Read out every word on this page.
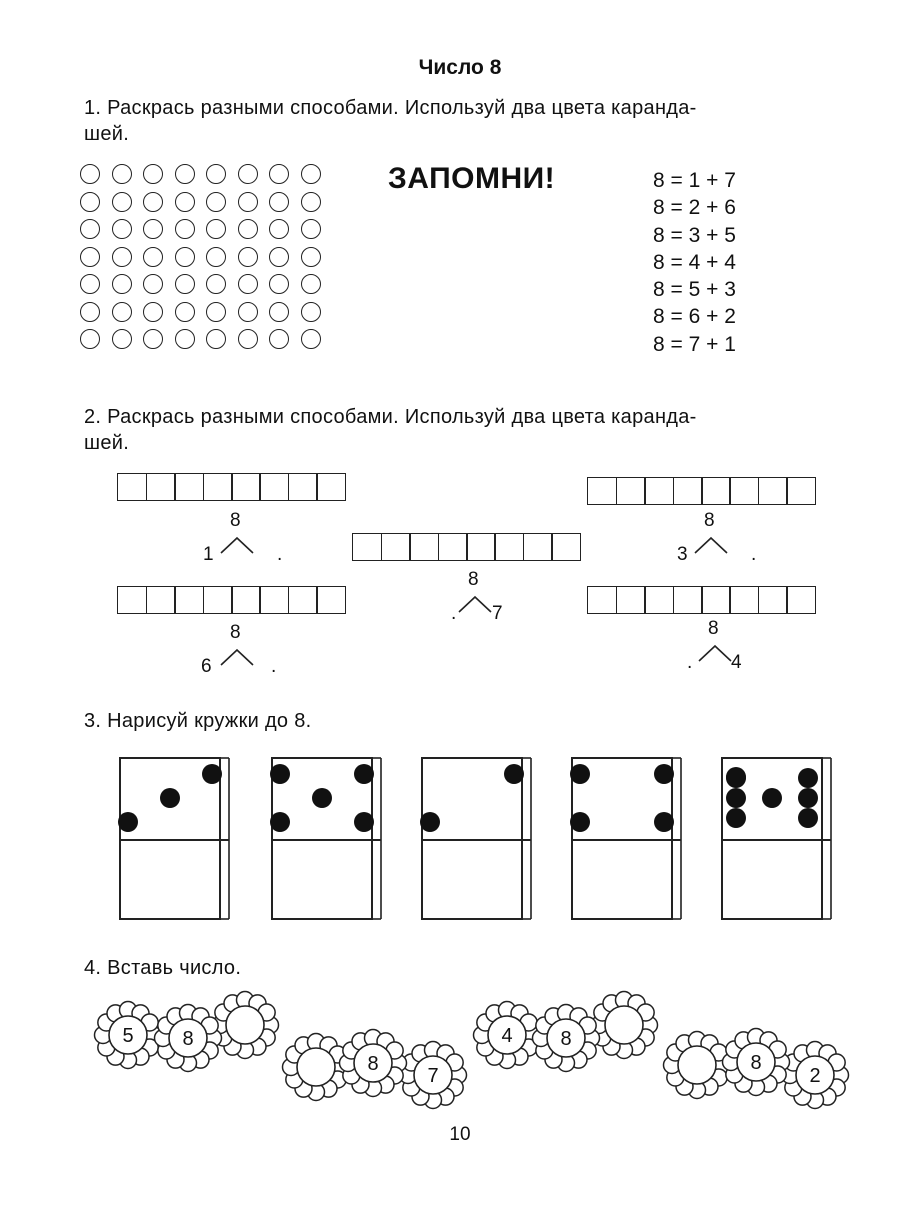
Число 8
1. Раскрась разными способами. Используй два цвета каранда-
шей.
ЗАПОМНИ!	8 = 1 + 7
8 = 2 + 6
8 = 3 + 5
8 = 4 + 4
8 = 5 + 3
8 = 6 + 2
8 = 7 + 1
2. Раскрась разными способами. Используй два цвета каранда-
шей.
8
1	.
8
3	.
8
. 7
8
6	.
8
. 4
3. Нарисуй кружки до 8.
4. Вставь число.
5 8
7
8
4 8
2
8
10
